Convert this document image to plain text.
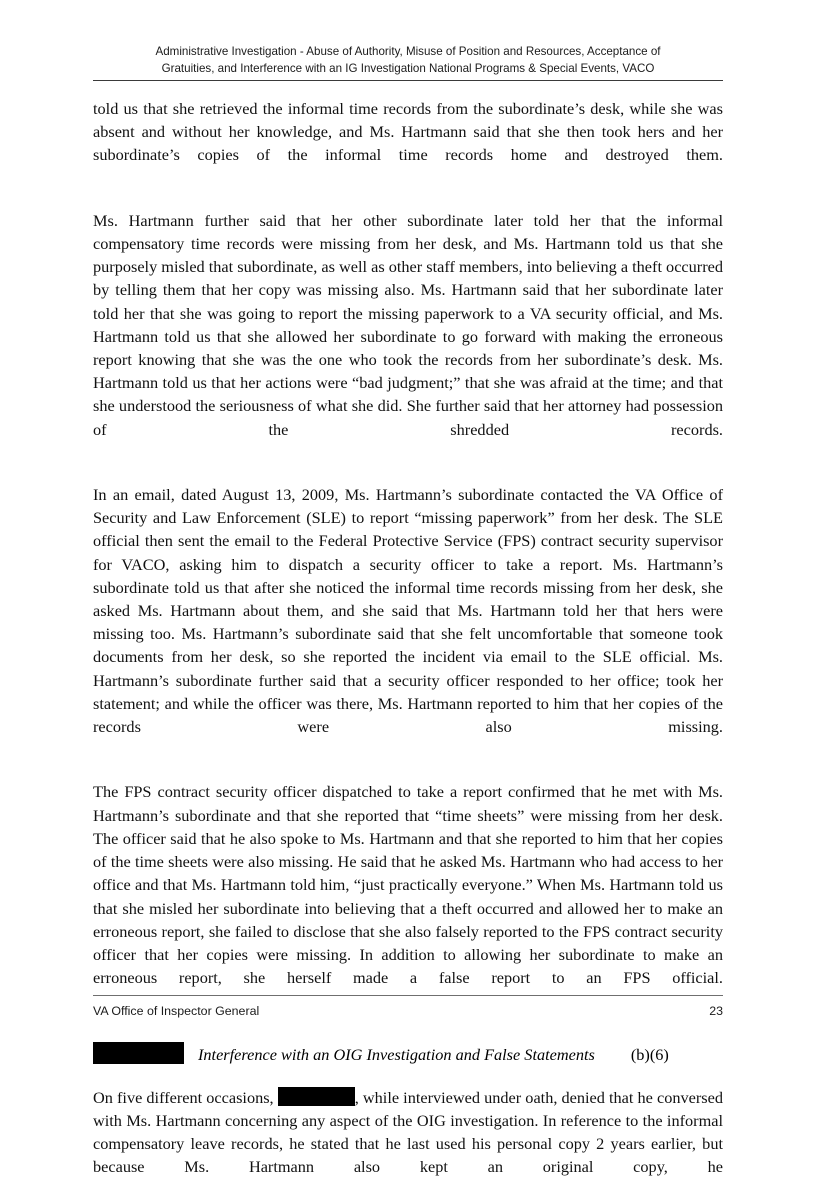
Administrative Investigation - Abuse of Authority, Misuse of Position and Resources, Acceptance of
Gratuities, and Interference with an IG Investigation National Programs & Special Events, VACO

told us that she retrieved the informal time records from the subordinate’s desk, while she was absent and without her knowledge, and Ms. Hartmann said that she then took hers and her subordinate’s copies of the informal time records home and destroyed them.

Ms. Hartmann further said that her other subordinate later told her that the informal compensatory time records were missing from her desk, and Ms. Hartmann told us that she purposely misled that subordinate, as well as other staff members, into believing a theft occurred by telling them that her copy was missing also. Ms. Hartmann said that her subordinate later told her that she was going to report the missing paperwork to a VA security official, and Ms. Hartmann told us that she allowed her subordinate to go forward with making the erroneous report knowing that she was the one who took the records from her subordinate’s desk. Ms. Hartmann told us that her actions were “bad judgment;” that she was afraid at the time; and that she understood the seriousness of what she did. She further said that her attorney had possession of the shredded records.

In an email, dated August 13, 2009, Ms. Hartmann’s subordinate contacted the VA Office of Security and Law Enforcement (SLE) to report “missing paperwork” from her desk. The SLE official then sent the email to the Federal Protective Service (FPS) contract security supervisor for VACO, asking him to dispatch a security officer to take a report. Ms. Hartmann’s subordinate told us that after she noticed the informal time records missing from her desk, she asked Ms. Hartmann about them, and she said that Ms. Hartmann told her that hers were missing too. Ms. Hartmann’s subordinate said that she felt uncomfortable that someone took documents from her desk, so she reported the incident via email to the SLE official. Ms. Hartmann’s subordinate further said that a security officer responded to her office; took her statement; and while the officer was there, Ms. Hartmann reported to him that her copies of the records were also missing.

The FPS contract security officer dispatched to take a report confirmed that he met with Ms. Hartmann’s subordinate and that she reported that “time sheets” were missing from her desk. The officer said that he also spoke to Ms. Hartmann and that she reported to him that her copies of the time sheets were also missing. He said that he asked Ms. Hartmann who had access to her office and that Ms. Hartmann told him, “just practically everyone.” When Ms. Hartmann told us that she misled her subordinate into believing that a theft occurred and allowed her to make an erroneous report, she failed to disclose that she also falsely reported to the FPS contract security officer that her copies were missing. In addition to allowing her subordinate to make an erroneous report, she herself made a false report to an FPS official.

Interference with an OIG Investigation and False Statements (b)(6)

On five different occasions,	, while interviewed under oath, denied that he conversed with Ms. Hartmann concerning any aspect of the OIG investigation. In reference to the informal compensatory leave records, he stated that he last used his personal copy 2 years earlier, but because Ms. Hartmann also kept an original copy, he

VA Office of Inspector General	23
